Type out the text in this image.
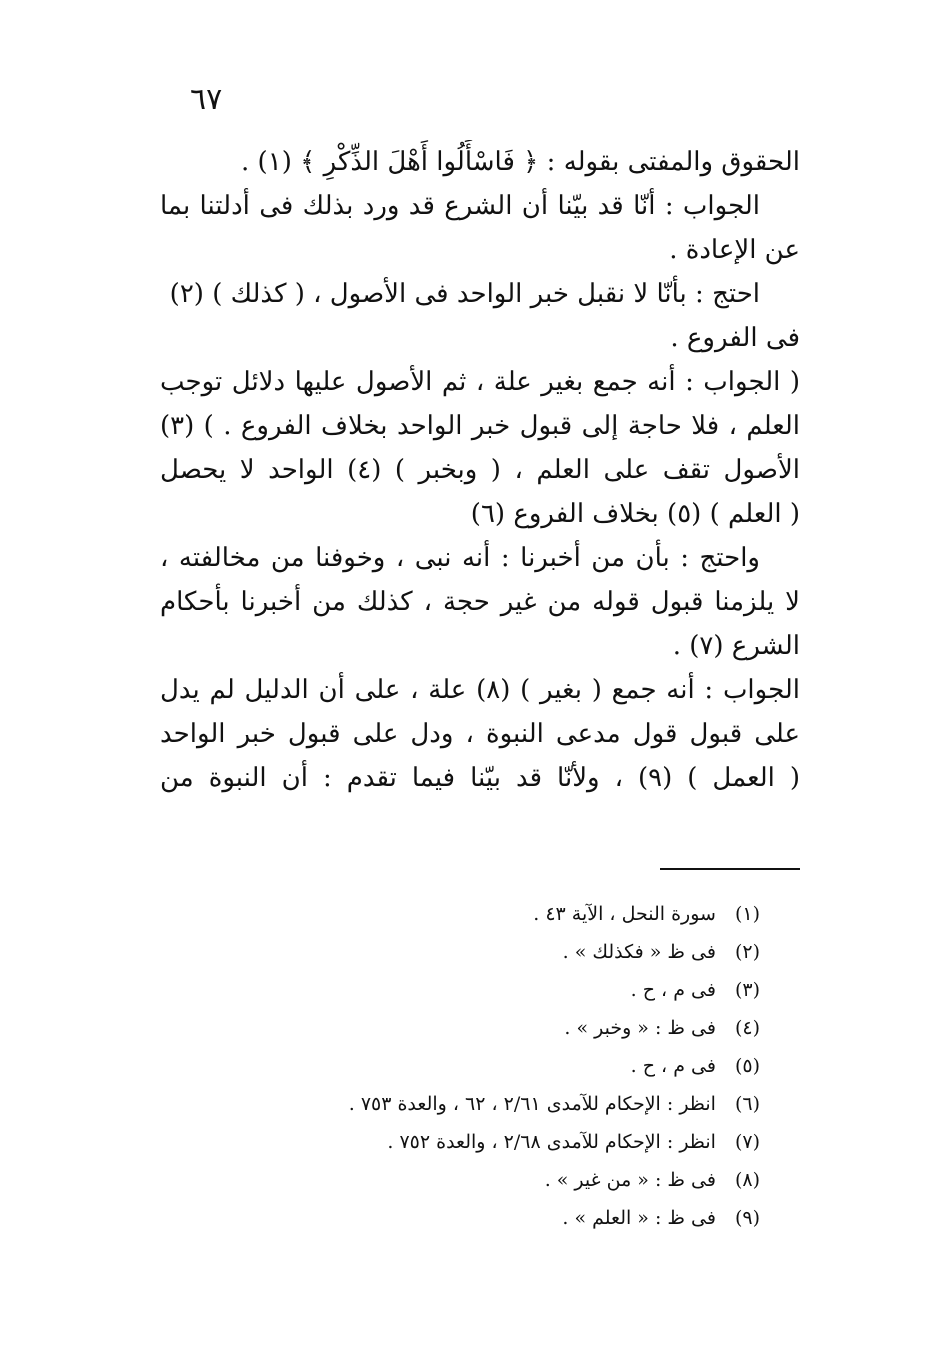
٦٧
الحقوق والمفتى بقوله : ﴿ فَاسْأَلُوا أَهْلَ الذِّكْرِ ﴾ (١) .
الجواب : أنّا قد بيّنا أن الشرع قد ورد بذلك فى أدلتنا بما
عن الإعادة .
احتج : بأنّا لا نقبل خبر الواحد فى الأصول ، ( كذلك ) (٢)
فى الفروع .
( الجواب : أنه جمع بغير علة ، ثم الأصول عليها دلائل توجب
العلم ، فلا حاجة إلى قبول خبر الواحد بخلاف الفروع . ) (٣)
الأصول تقف على العلم ، ( وبخبر ) (٤) الواحد لا يحصل
( العلم ) (٥) بخلاف الفروع (٦)
واحتج : بأن من أخبرنا : أنه نبى ، وخوفنا من مخالفته ،
لا يلزمنا قبول قوله من غير حجة ، كذلك من أخبرنا بأحكام
الشرع (٧) .
الجواب : أنه جمع ( بغير ) (٨) علة ، على أن الدليل لم يدل
على قبول قول مدعى النبوة ، ودل على قبول خبر الواحد
( العمل ) (٩) ، ولأنّا قد بيّنا فيما تقدم : أن النبوة من
(١) سورة النحل ، الآية ٤٣ .
(٢) فى ظ « فكذلك » .
(٣) فى م ، ح .
(٤) فى ظ : « وخبر » .
(٥) فى م ، ح .
(٦) انظر : الإحكام للآمدى ٢/٦١ ، ٦٢ ، والعدة ٧٥٣ .
(٧) انظر : الإحكام للآمدى ٢/٦٨ ، والعدة ٧٥٢ .
(٨) فى ظ : « من غير » .
(٩) فى ظ : « العلم » .
